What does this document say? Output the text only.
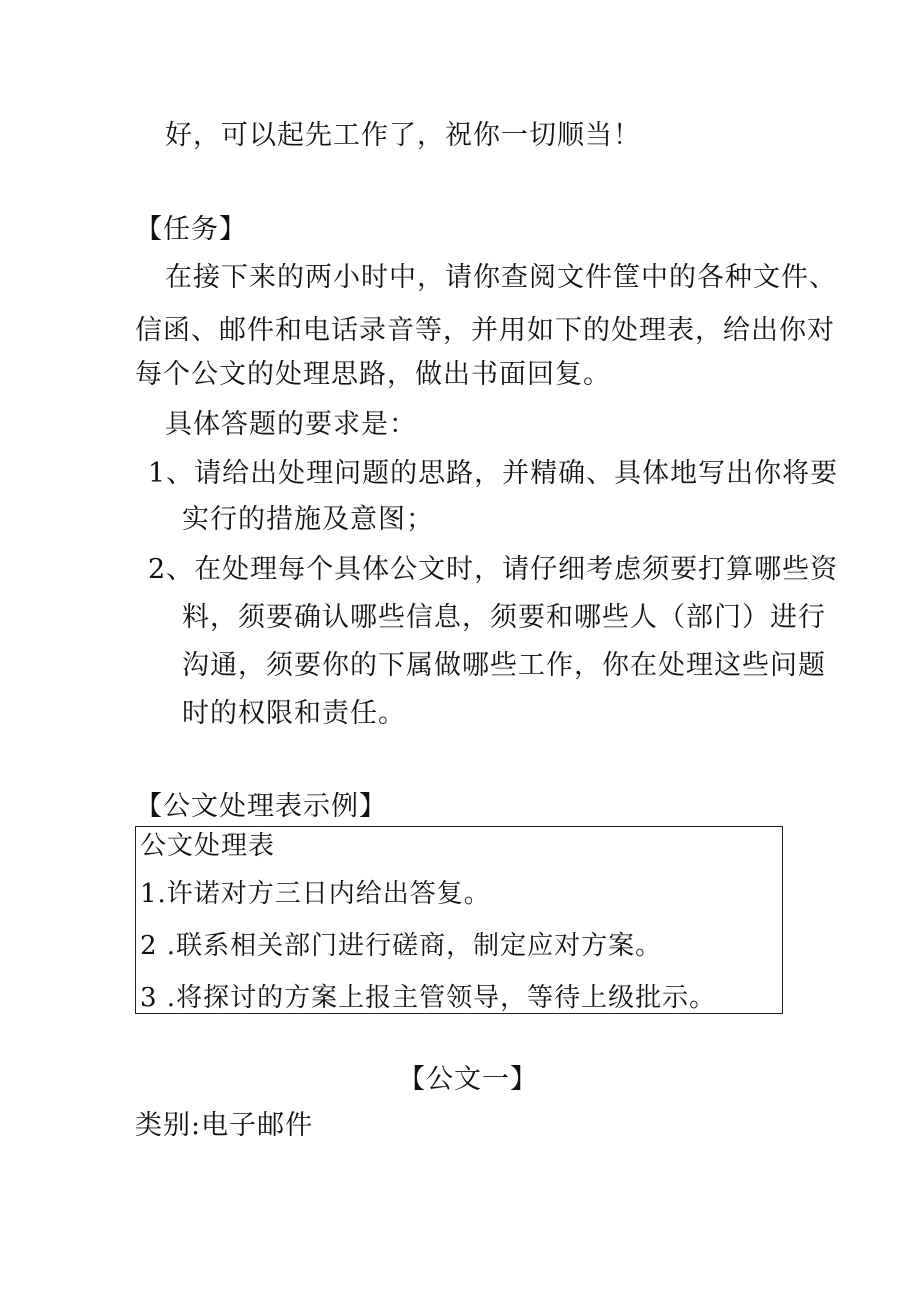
好，可以起先工作了，祝你一切顺当！
【任务】
在接下来的两小时中，请你查阅文件筐中的各种文件、
信函、邮件和电话录音等，并用如下的处理表，给出你对
每个公文的处理思路，做出书面回复。
具体答题的要求是：
1、请给出处理问题的思路，并精确、具体地写出你将要
实行的措施及意图；
2、在处理每个具体公文时，请仔细考虑须要打算哪些资
料，须要确认哪些信息，须要和哪些人（部门）进行
沟通，须要你的下属做哪些工作，你在处理这些问题
时的权限和责任。
【公文处理表示例】
公文处理表
1.许诺对方三日内给出答复。
2 .联系相关部门进行磋商，制定应对方案。
3 .将探讨的方案上报主管领导，等待上级批示。
【公文一】
类别:电子邮件
